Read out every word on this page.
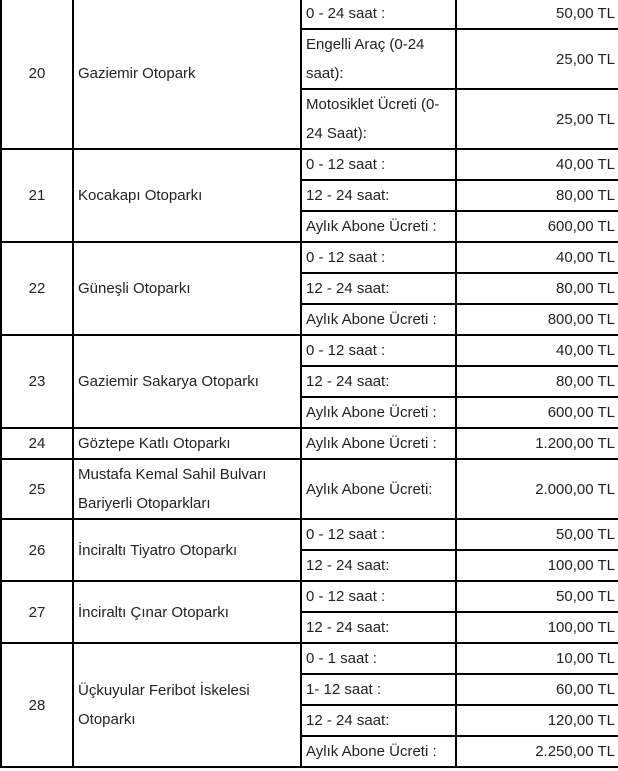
20	Gaziemir Otopark	0 - 24 saat :	50,00 TL
		Engelli Araç (0-24 saat):	25,00 TL
		Motosiklet Ücreti (0-24 Saat):	25,00 TL
21	Kocakapı Otoparkı	0 - 12 saat :	40,00 TL
		12 - 24 saat:	80,00 TL
		Aylık Abone Ücreti :	600,00 TL
22	Güneşli Otoparkı	0 - 12 saat :	40,00 TL
		12 - 24 saat:	80,00 TL
		Aylık Abone Ücreti :	800,00 TL
23	Gaziemir Sakarya Otoparkı	0 - 12 saat :	40,00 TL
		12 - 24 saat:	80,00 TL
		Aylık Abone Ücreti :	600,00 TL
24	Göztepe Katlı Otoparkı	Aylık Abone Ücreti :	1.200,00 TL
25	Mustafa Kemal Sahil Bulvarı Bariyerli Otoparkları	Aylık Abone Ücreti:	2.000,00 TL
26	İnciraltı Tiyatro Otoparkı	0 - 12 saat :	50,00 TL
		12 - 24 saat:	100,00 TL
27	İnciraltı Çınar Otoparkı	0 - 12 saat :	50,00 TL
		12 - 24 saat:	100,00 TL
28	Üçkuyular Feribot İskelesi Otoparkı	0 - 1 saat :	10,00 TL
		1- 12 saat :	60,00 TL
		12 - 24 saat:	120,00 TL
		Aylık Abone Ücreti :	2.250,00 TL
